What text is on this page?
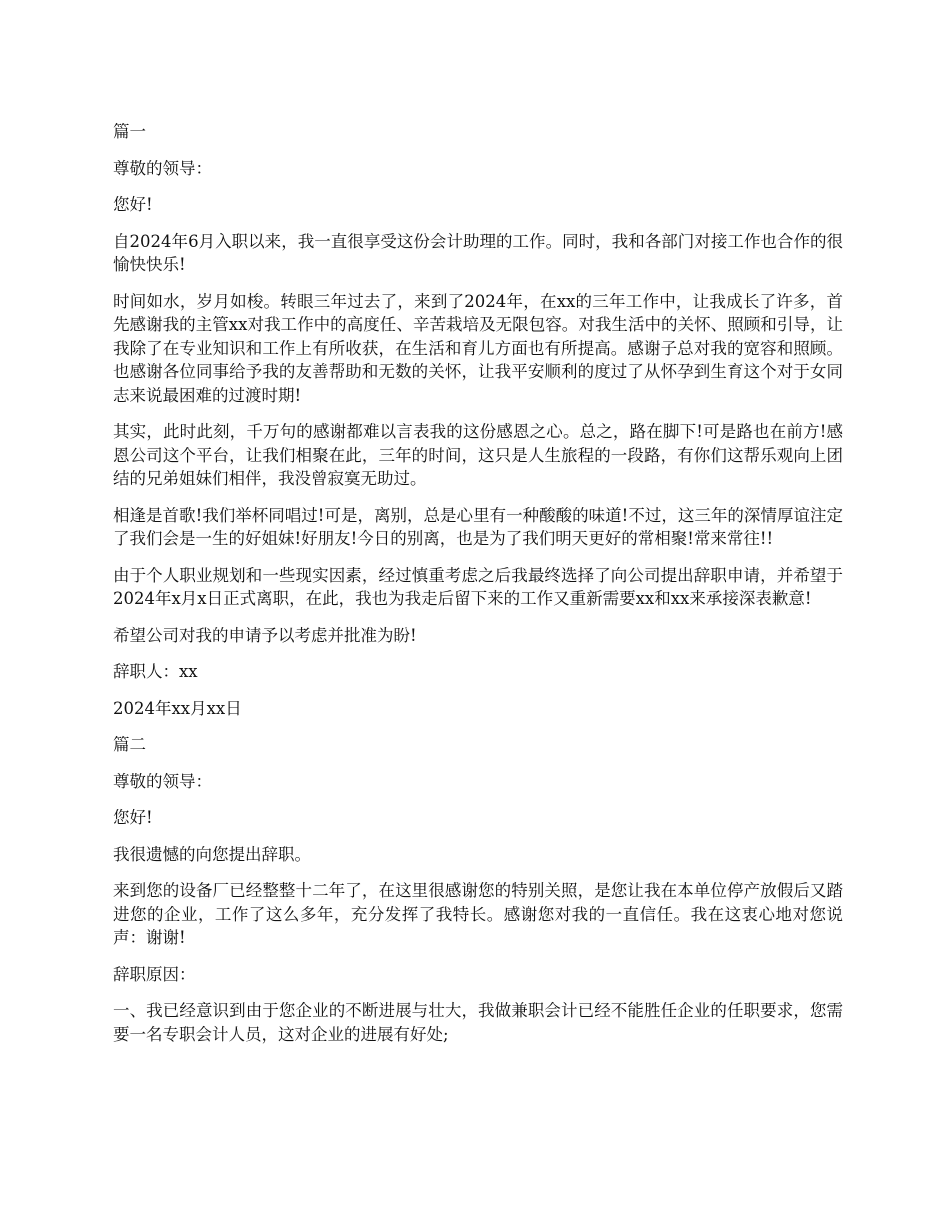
篇一

尊敬的领导：

您好!

自2024年6月入职以来，我一直很享受这份会计助理的工作。同时，我和各部门对接工作也合作的很愉快快乐!

时间如水，岁月如梭。转眼三年过去了，来到了2024年，在xx的三年工作中，让我成长了许多，首先感谢我的主管xx对我工作中的高度任、辛苦栽培及无限包容。对我生活中的关怀、照顾和引导，让我除了在专业知识和工作上有所收获，在生活和育儿方面也有所提高。感谢子总对我的宽容和照顾。也感谢各位同事给予我的友善帮助和无数的关怀，让我平安顺利的度过了从怀孕到生育这个对于女同志来说最困难的过渡时期!

其实，此时此刻，千万句的感谢都难以言表我的这份感恩之心。总之，路在脚下!可是路也在前方!感恩公司这个平台，让我们相聚在此，三年的时间，这只是人生旅程的一段路，有你们这帮乐观向上团结的兄弟姐妹们相伴，我没曾寂寞无助过。

相逢是首歌!我们举杯同唱过!可是，离别，总是心里有一种酸酸的味道!不过，这三年的深情厚谊注定了我们会是一生的好姐妹!好朋友!今日的别离，也是为了我们明天更好的常相聚!常来常往!!

由于个人职业规划和一些现实因素，经过慎重考虑之后我最终选择了向公司提出辞职申请，并希望于2024年x月x日正式离职，在此，我也为我走后留下来的工作又重新需要xx和xx来承接深表歉意!

希望公司对我的申请予以考虑并批准为盼!

辞职人：xx

2024年xx月xx日

篇二

尊敬的领导：

您好!

我很遗憾的向您提出辞职。

来到您的设备厂已经整整十二年了，在这里很感谢您的特别关照，是您让我在本单位停产放假后又踏进您的企业，工作了这么多年，充分发挥了我特长。感谢您对我的一直信任。我在这衷心地对您说声：谢谢!

辞职原因：

一、我已经意识到由于您企业的不断进展与壮大，我做兼职会计已经不能胜任企业的任职要求，您需要一名专职会计人员，这对企业的进展有好处;
